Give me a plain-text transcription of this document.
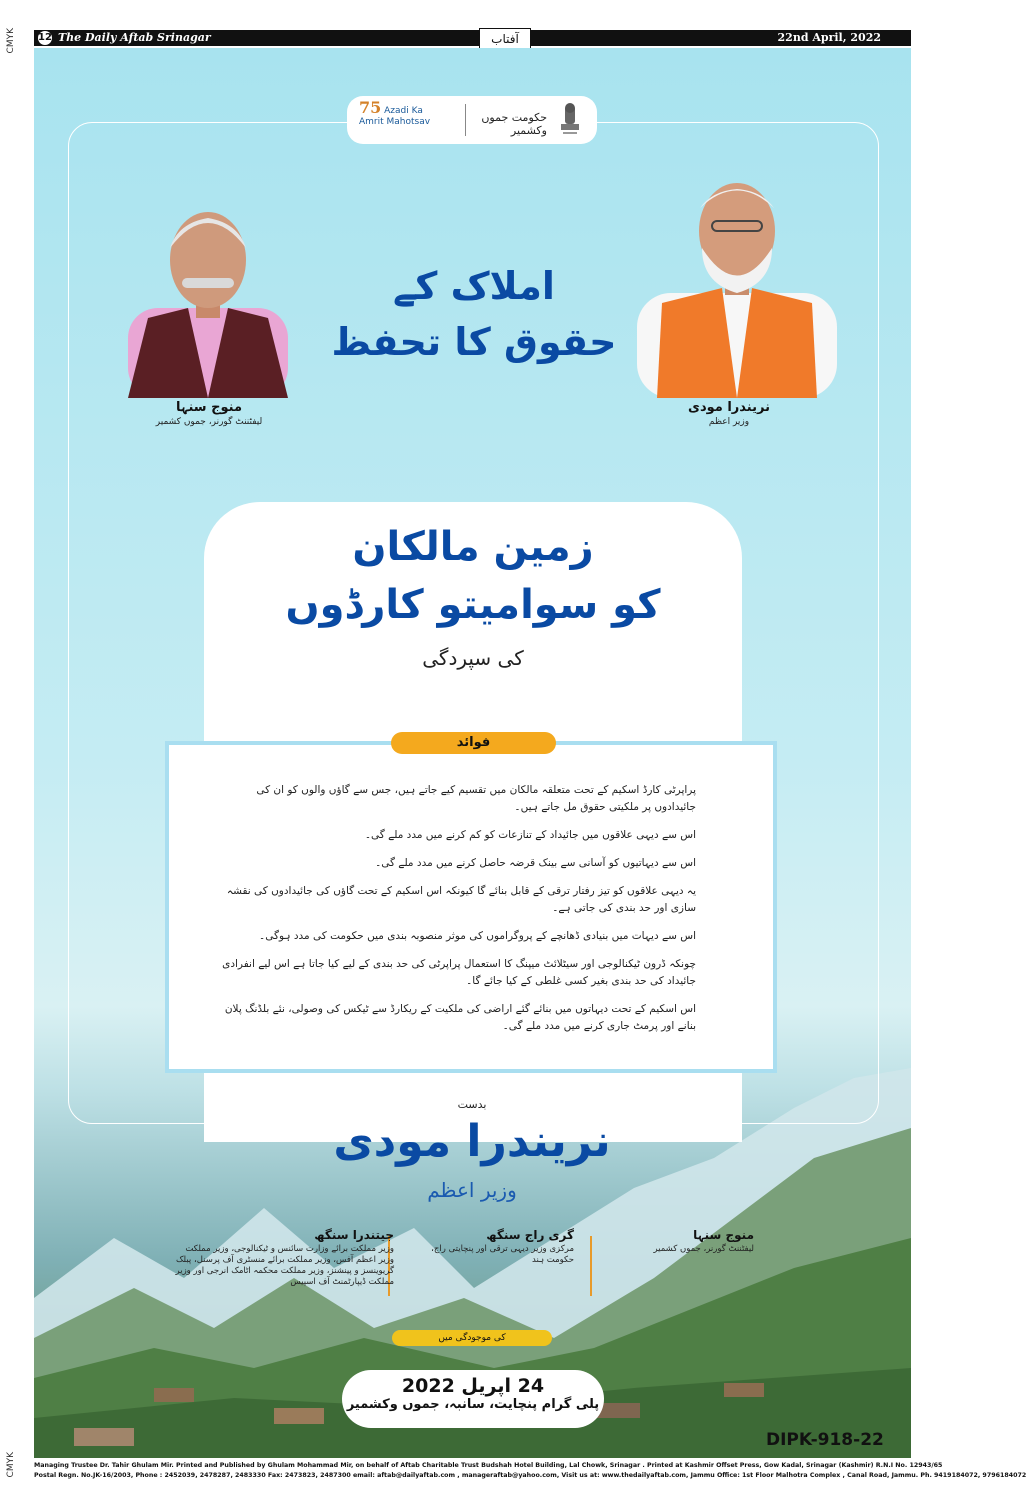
CMYK
CMYK
12 The Daily Aftab Srinagar	آفتاب	22nd April, 2022
75 Azadi Ka
Amrit Mahotsav	حکومت جموں وکشمیر
منوج سنہا
لیفٹننٹ گورنر، جموں کشمیر
نریندرا مودی
وزیر اعظم
املاک کے
حقوق کا تحفظ
زمین مالکان
کو سوامیتو کارڈوں
کی سپردگی
فوائد
پراپرٹی کارڈ اسکیم کے تحت متعلقہ مالکان میں تقسیم کیے جاتے ہیں، جس سے گاؤں والوں کو ان کی جائیدادوں پر ملکیتی حقوق مل جاتے ہیں۔
اس سے دیہی علاقوں میں جائیداد کے تنازعات کو کم کرنے میں مدد ملے گی۔
اس سے دیہاتیوں کو آسانی سے بینک قرضہ حاصل کرنے میں مدد ملے گی۔
یہ دیہی علاقوں کو تیز رفتار ترقی کے قابل بنائے گا کیونکہ اس اسکیم کے تحت گاؤں کی جائیدادوں کی نقشہ سازی اور حد بندی کی جاتی ہے۔
اس سے دیہات میں بنیادی ڈھانچے کے پروگراموں کی موثر منصوبہ بندی میں حکومت کی مدد ہوگی۔
چونکہ ڈرون ٹیکنالوجی اور سیٹلائٹ میپنگ کا استعمال پراپرٹی کی حد بندی کے لیے کیا جاتا ہے اس لیے انفرادی جائیداد کی حد بندی بغیر کسی غلطی کے کیا جائے گا۔
اس اسکیم کے تحت دیہاتوں میں بنائے گئے اراضی کی ملکیت کے ریکارڈ سے ٹیکس کی وصولی، نئے بلڈنگ پلان بنانے اور پرمٹ جاری کرنے میں مدد ملے گی۔
بدست
نریندرا مودی
وزیر اعظم
منوج سنہا
لیفٹننٹ گورنر، جموں کشمیر
گری راج سنگھ
مرکزی وزیر دیہی ترقی اور پنچایتی راج، حکومت ہند
جیتندرا سنگھ
وزیر مملکت برائے وزارت سائنس و ٹیکنالوجی، وزیر مملکت وزیر اعظم آفس، وزیر مملکت برائے منسٹری آف پرسنل، پبلک گریوینسز و پینشنز، وزیر مملکت محکمہ اٹامک انرجی اور وزیر مملکت ڈیپارٹمنٹ آف اسپیس
کی موجودگی میں
24 اپریل 2022
پلی گرام پنچایت، سانبہ، جموں وکشمیر
DIPK-918-22
Managing Trustee Dr. Tahir Ghulam Mir. Printed and Published by Ghulam Mohammad Mir, on behalf of Aftab Charitable Trust Budshah Hotel Building, Lal Chowk, Srinagar . Printed at Kashmir Offset Press, Gow Kadal, Srinagar (Kashmir) R.N.I No. 12943/65
Postal Regn. No.JK-16/2003, Phone : 2452039, 2478287, 2483330 Fax: 2473823, 2487300 email: aftab@dailyaftab.com , manageraftab@yahoo.com, Visit us at: www.thedailyaftab.com, Jammu Office: 1st Floor Malhotra Complex , Canal Road, Jammu. Ph. 9419184072, 9796184072
